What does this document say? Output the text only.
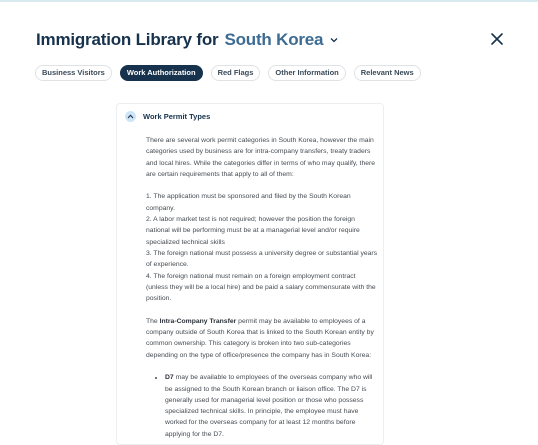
Immigration Library for South Korea
Business Visitors	Work Authorization	Red Flags	Other Information	Relevant News
Work Permit Types

There are several work permit categories in South Korea, however the main categories used by business are for intra-company transfers, treaty traders and local hires. While the categories differ in terms of who may qualify, there are certain requirements that apply to all of them:

1. The application must be sponsored and filed by the South Korean company.

2. A labor market test is not required; however the position the foreign national will be performing must be at a managerial level and/or require specialized technical skills

3. The foreign national must possess a university degree or substantial years of experience.

4. The foreign national must remain on a foreign employment contract (unless they will be a local hire) and be paid a salary commensurate with the position.

The Intra-Company Transfer permit may be available to employees of a company outside of South Korea that is linked to the South Korean entity by common ownership. This category is broken into two sub-categories depending on the type of office/presence the company has in South Korea:

• D7 may be available to employees of the overseas company who will be assigned to the South Korean branch or liaison office. The D7 is generally used for managerial level position or those who possess specialized technical skills. In principle, the employee must have worked for the overseas company for at least 12 months before applying for the D7.
